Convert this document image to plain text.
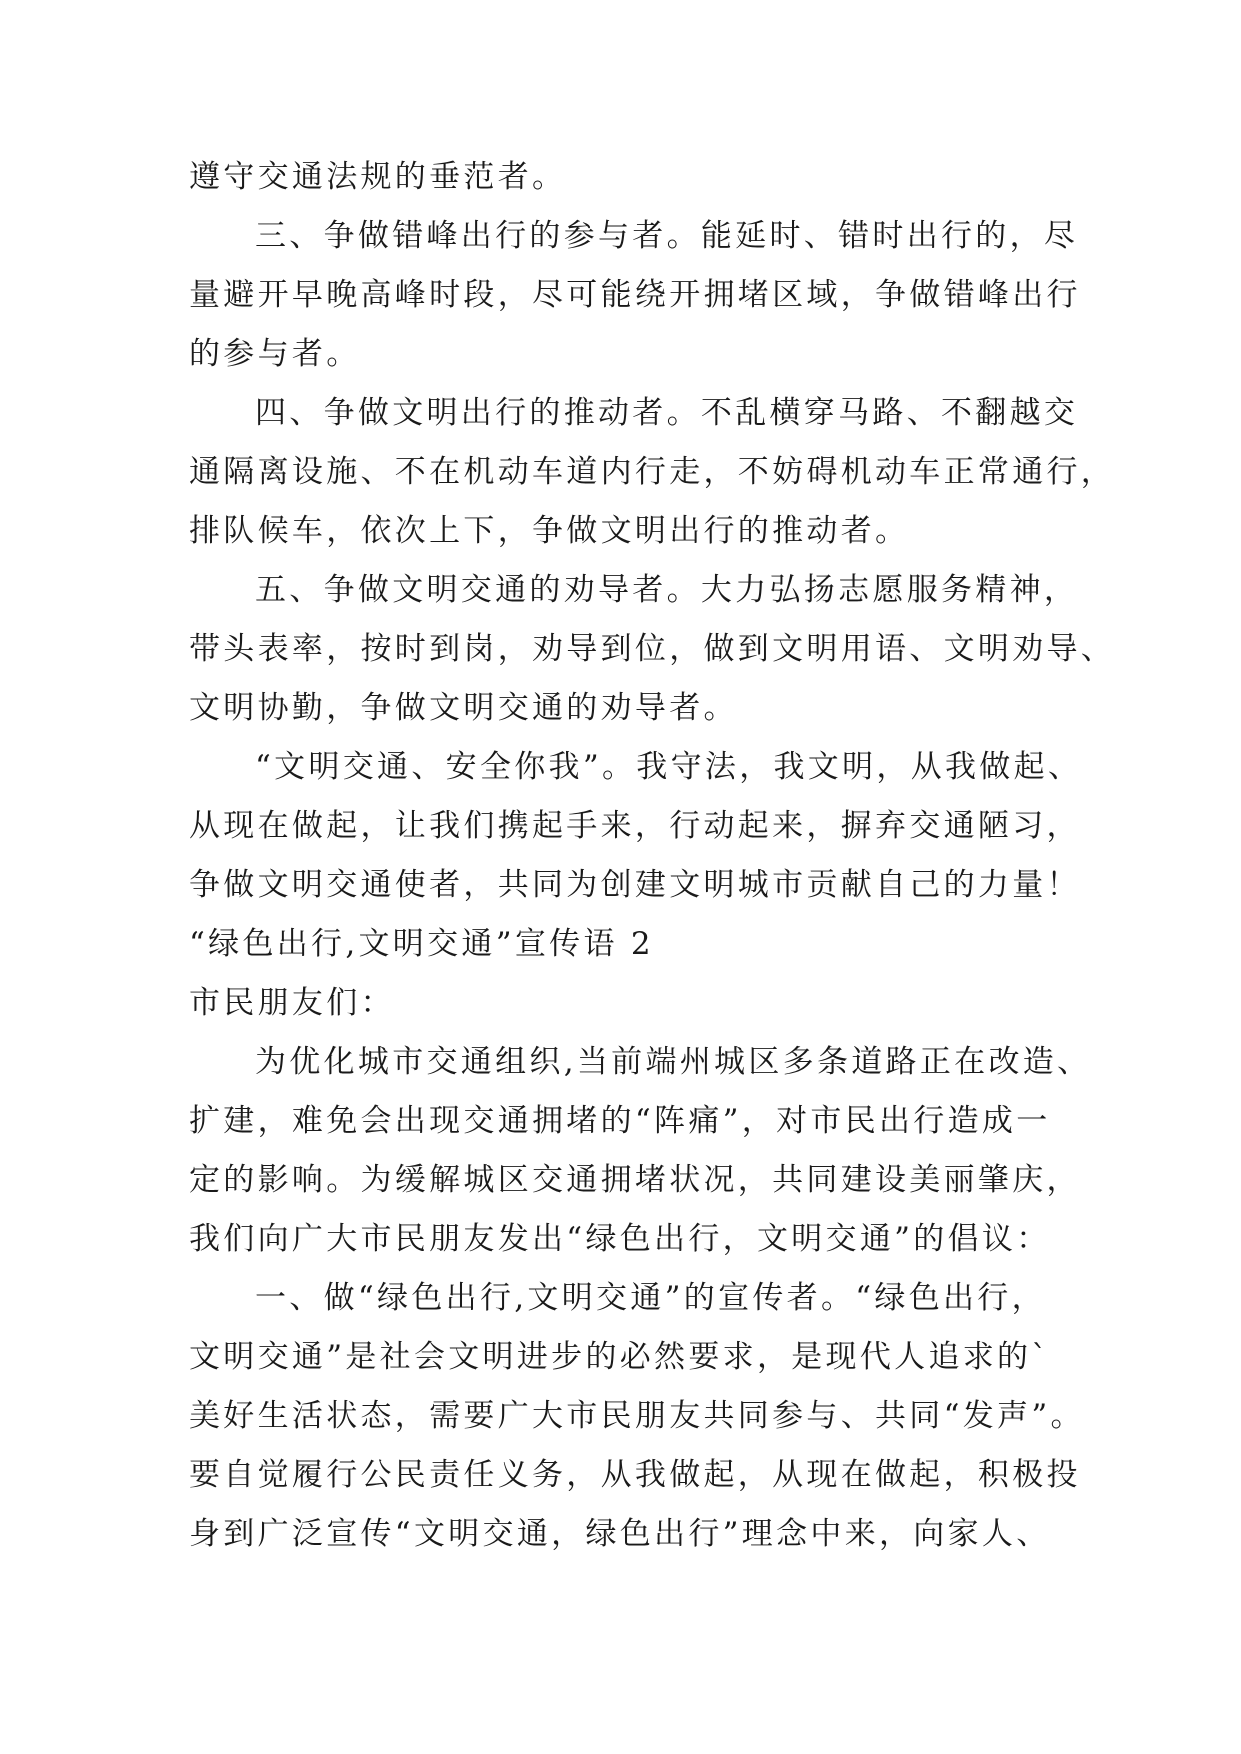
遵守交通法规的垂范者。
三、争做错峰出行的参与者。能延时、错时出行的，尽
量避开早晚高峰时段，尽可能绕开拥堵区域，争做错峰出行
的参与者。
四、争做文明出行的推动者。不乱横穿马路、不翻越交
通隔离设施、不在机动车道内行走，不妨碍机动车正常通行，
排队候车，依次上下，争做文明出行的推动者。
五、争做文明交通的劝导者。大力弘扬志愿服务精神，
带头表率，按时到岗，劝导到位，做到文明用语、文明劝导、
文明协勤，争做文明交通的劝导者。
“文明交通、安全你我”。我守法，我文明，从我做起、
从现在做起，让我们携起手来，行动起来，摒弃交通陋习，
争做文明交通使者，共同为创建文明城市贡献自己的力量！
“绿色出行,文明交通”宣传语 2
市民朋友们：
为优化城市交通组织,当前端州城区多条道路正在改造、
扩建，难免会出现交通拥堵的“阵痛”，对市民出行造成一
定的影响。为缓解城区交通拥堵状况，共同建设美丽肇庆，
我们向广大市民朋友发出“绿色出行，文明交通”的倡议：
一、做“绿色出行,文明交通”的宣传者。“绿色出行，
文明交通”是社会文明进步的必然要求，是现代人追求的`
美好生活状态，需要广大市民朋友共同参与、共同“发声”。
要自觉履行公民责任义务，从我做起，从现在做起，积极投
身到广泛宣传“文明交通，绿色出行”理念中来，向家人、
